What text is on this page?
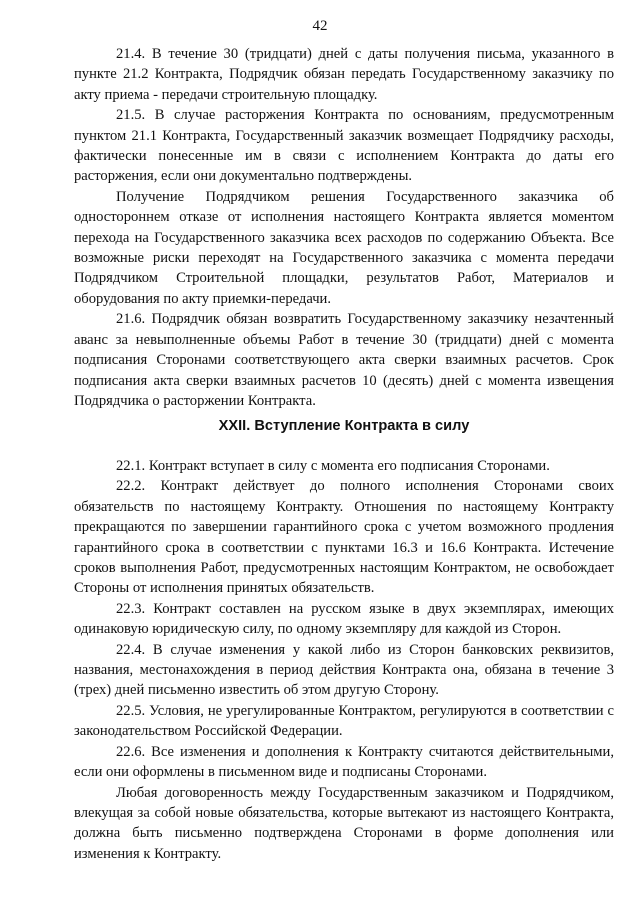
42

21.4. В течение 30 (тридцати) дней с даты получения письма, указанного в пункте 21.2 Контракта, Подрядчик обязан передать Государственному заказчику по акту приема - передачи строительную площадку.

21.5. В случае расторжения Контракта по основаниям, предусмотренным пунктом 21.1 Контракта, Государственный заказчик возмещает Подрядчику расходы, фактически понесенные им в связи с исполнением Контракта до даты его расторжения, если они документально подтверждены.

Получение Подрядчиком решения Государственного заказчика об одностороннем отказе от исполнения настоящего Контракта является моментом перехода на Государственного заказчика всех расходов по содержанию Объекта. Все возможные риски переходят на Государственного заказчика с момента передачи Подрядчиком Строительной площадки, результатов Работ, Материалов и оборудования по акту приемки-передачи.

21.6. Подрядчик обязан возвратить Государственному заказчику незачтенный аванс за невыполненные объемы Работ в течение 30 (тридцати) дней с момента подписания Сторонами соответствующего акта сверки взаимных расчетов. Срок подписания акта сверки взаимных расчетов 10 (десять) дней с момента извещения Подрядчика о расторжении Контракта.

XXII. Вступление Контракта в силу

22.1. Контракт вступает в силу с момента его подписания Сторонами.

22.2. Контракт действует до полного исполнения Сторонами своих обязательств по настоящему Контракту. Отношения по настоящему Контракту прекращаются по завершении гарантийного срока с учетом возможного продления гарантийного срока в соответствии с пунктами 16.3 и 16.6 Контракта. Истечение сроков выполнения Работ, предусмотренных настоящим Контрактом, не освобождает Стороны от исполнения принятых обязательств.

22.3. Контракт составлен на русском языке в двух экземплярах, имеющих одинаковую юридическую силу, по одному экземпляру для каждой из Сторон.

22.4. В случае изменения у какой либо из Сторон банковских реквизитов, названия, местонахождения в период действия Контракта она, обязана в течение 3 (трех) дней письменно известить об этом другую Сторону.

22.5. Условия, не урегулированные Контрактом, регулируются в соответствии с законодательством Российской Федерации.

22.6. Все изменения и дополнения к Контракту считаются действительными, если они оформлены в письменном виде и подписаны Сторонами.

Любая договоренность между Государственным заказчиком и Подрядчиком, влекущая за собой новые обязательства, которые вытекают из настоящего Контракта, должна быть письменно подтверждена Сторонами в форме дополнения или изменения к Контракту.
